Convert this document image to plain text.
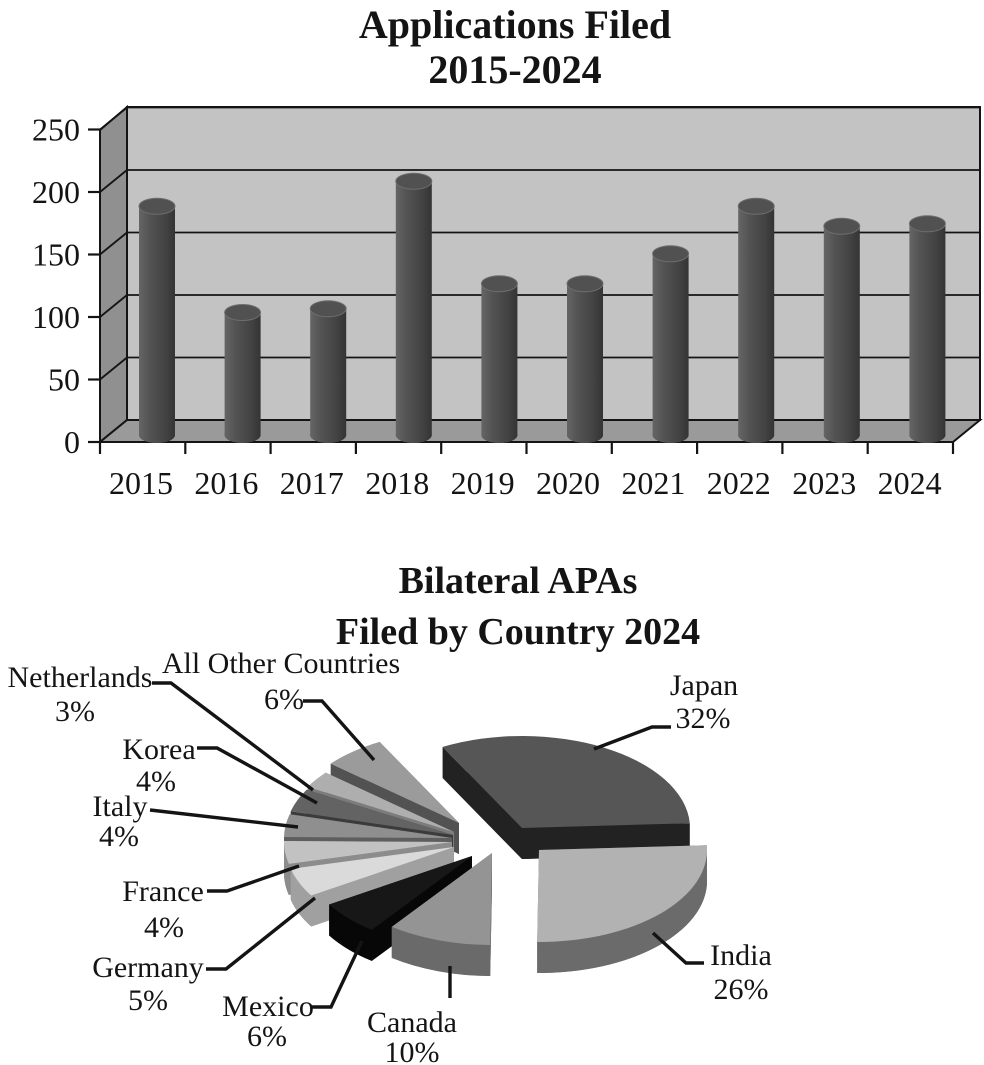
Applications Filed
2015-2024
0
50
100
150
200
250
2015 2016 2017 2018 2019 2020 2021 2022 2023 2024
Bilateral APAs
Filed by Country 2024
Japan
32%
India
26%
Canada
10%
Mexico
6%
Germany
5%
France
4%
Italy
4%
Korea
4%
Netherlands
3%
All Other Countries
6%
